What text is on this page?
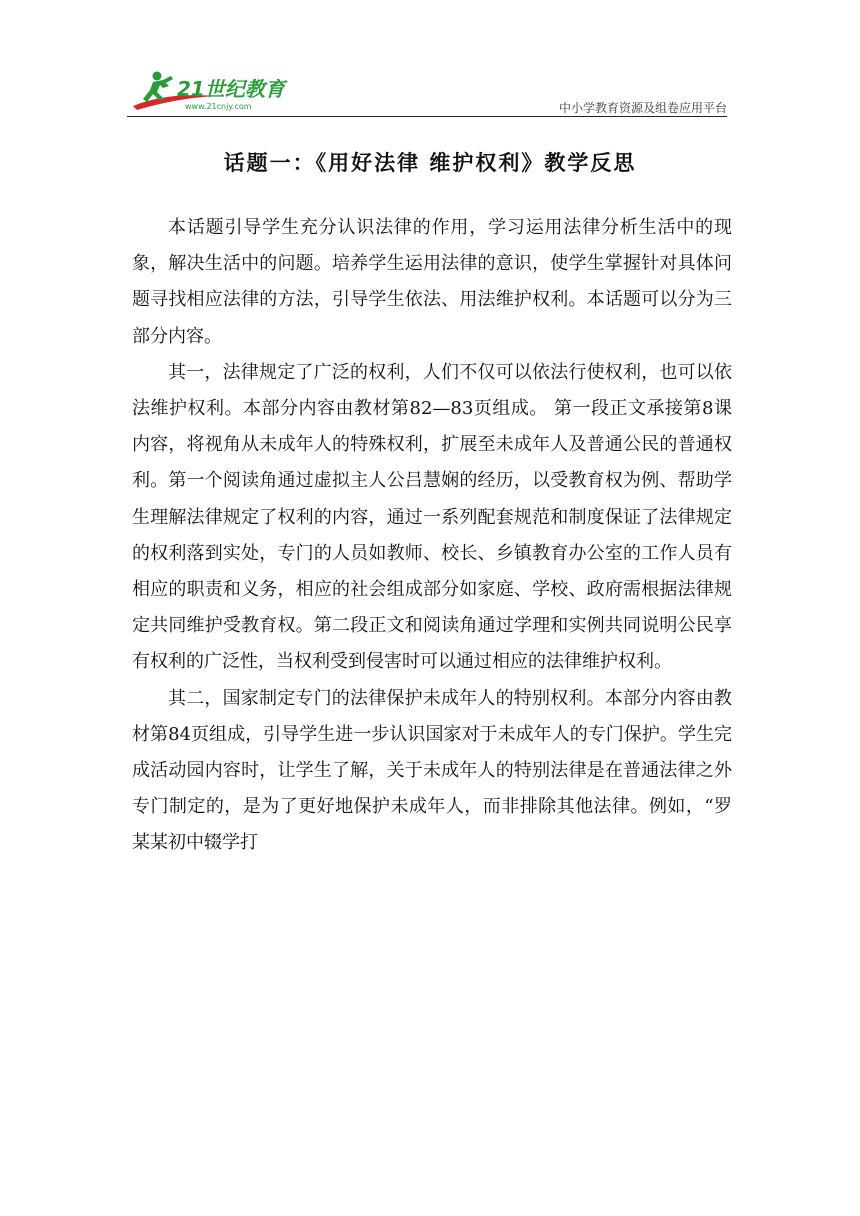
21世纪教育
www.21cnjy.com	中小学教育资源及组卷应用平台
话题一：《用好法律 维护权利》教学反思

本话题引导学生充分认识法律的作用，学习运用法律分析生活中的现象，解决生活中的问题。培养学生运用法律的意识，使学生掌握针对具体问题寻找相应法律的方法，引导学生依法、用法维护权利。本话题可以分为三部分内容。

其一，法律规定了广泛的权利，人们不仅可以依法行使权利，也可以依法维护权利。本部分内容由教材第82—83页组成。 第一段正文承接第8课内容，将视角从未成年人的特殊权利，扩展至未成年人及普通公民的普通权利。第一个阅读角通过虚拟主人公吕慧娴的经历，以受教育权为例、帮助学生理解法律规定了权利的内容，通过一系列配套规范和制度保证了法律规定的权利落到实处，专门的人员如教师、校长、乡镇教育办公室的工作人员有相应的职责和义务，相应的社会组成部分如家庭、学校、政府需根据法律规定共同维护受教育权。第二段正文和阅读角通过学理和实例共同说明公民享有权利的广泛性，当权利受到侵害时可以通过相应的法律维护权利。

其二，国家制定专门的法律保护未成年人的特别权利。本部分内容由教材第84页组成，引导学生进一步认识国家对于未成年人的专门保护。学生完成活动园内容时，让学生了解，关于未成年人的特别法律是在普通法律之外专门制定的，是为了更好地保护未成年人，而非排除其他法律。例如，“罗某某初中辍学打
